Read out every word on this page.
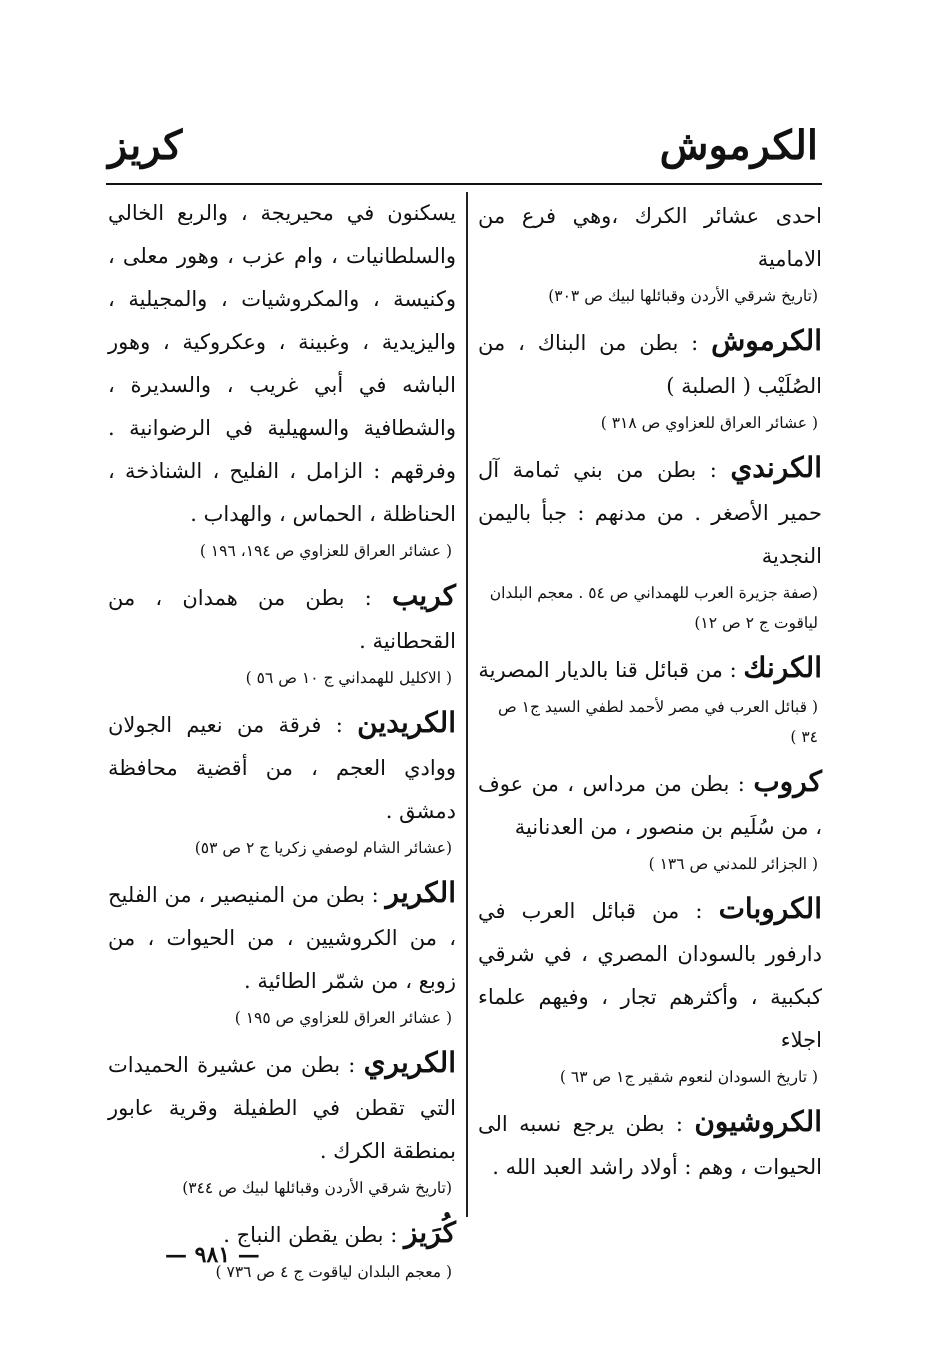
الكرموش
كريز
احدى عشائر الكرك ،وهي فرع من الامامية
(تاريخ شرقي الأردن وقبائلها لبيك ص ٣٠٣)
الكرموش : بطن من البناك ، من الصُلَيْب ( الصلبة )
( عشائر العراق للعزاوي ص ٣١٨ )
الكرندي : بطن من بني ثمامة آل حمير الأصغر . من مدنهم : جبأ باليمن النجدية
(صفة جزيرة العرب للهمداني ص ٥٤ . معجم البلدان لياقوت ج ٢ ص ١٢)
الكرنك : من قبائل قنا بالديار المصرية
( قبائل العرب في مصر لأحمد لطفي السيد ج١ ص ٣٤ )
كروب : بطن من مرداس ، من عوف ، من سُلَيم بن منصور ، من العدنانية
( الجزائر للمدني ص ١٣٦ )
الكروبات : من قبائل العرب في دارفور بالسودان المصري ، في شرقي كبكبية ، وأكثرهم تجار ، وفيهم علماء اجلاء
( تاريخ السودان لنعوم شقير ج١ ص ٦٣ )
الكروشيون : بطن يرجع نسبه الى الحيوات ، وهم : أولاد راشد العبد الله .
يسكنون في محيريجة ، والربع الخالي والسلطانيات ، وام عزب ، وهور معلى ، وكنيسة ، والمكروشيات ، والمجيلية ، واليزيدية ، وغبينة ، وعكروكية ، وهور الباشه في أبي غريب ، والسديرة ، والشطافية والسهيلية في الرضوانية . وفرقهم : الزامل ، الفليح ، الشناذخة ، الحناظلة ، الحماس ، والهداب .
( عشائر العراق للعزاوي ص ١٩٤، ١٩٦ )
كريب : بطن من همدان ، من القحطانية .
( الاكليل للهمداني ج ١٠ ص ٥٦ )
الكريدين : فرقة من نعيم الجولان ووادي العجم ، من أقضية محافظة دمشق .
(عشائر الشام لوصفي زكريا ج ٢ ص ٥٣)
الكرير : بطن من المنيصير ، من الفليح ، من الكروشيين ، من الحيوات ، من زوبع ، من شمّر الطائية .
( عشائر العراق للعزاوي ص ١٩٥ )
الكريري : بطن من عشيرة الحميدات التي تقطن في الطفيلة وقرية عابور بمنطقة الكرك .
(تاريخ شرقي الأردن وقبائلها لبيك ص ٣٤٤)
كُرَيز : بطن يقطن النباج .
( معجم البلدان لياقوت ج ٤ ص ٧٣٦ )
— ٩٨١ —
